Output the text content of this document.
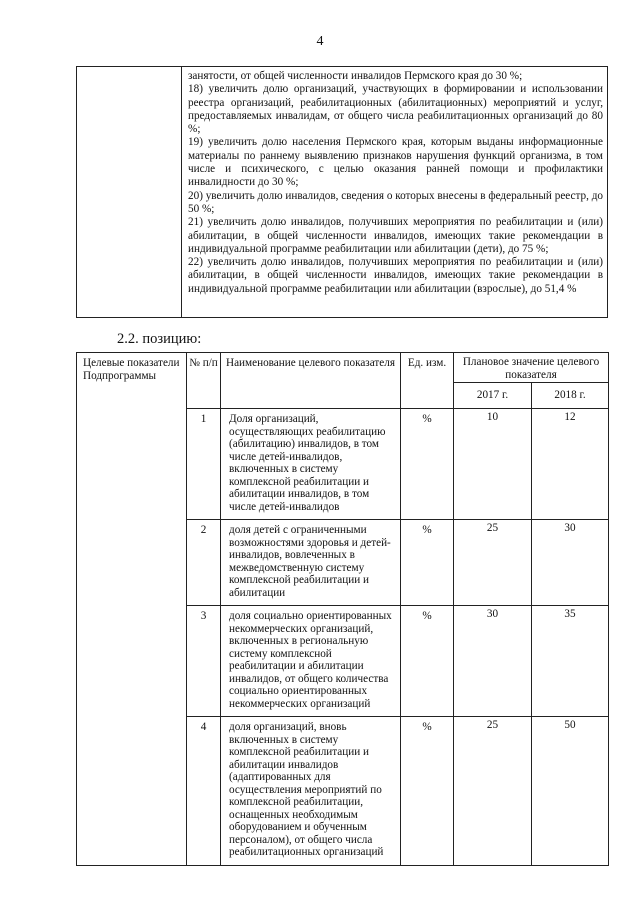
4

занятости, от общей численности инвалидов Пермского края до 30 %;

18) увеличить долю организаций, участвующих в формировании и использовании реестра организаций, реабилитационных (абилитационных) мероприятий и услуг, предоставляемых инвалидам, от общего числа реабилитационных организаций до 80 %;

19) увеличить долю населения Пермского края, которым выданы информационные материалы по раннему выявлению признаков нарушения функций организма, в том числе и психического, с целью оказания ранней помощи и профилактики инвалидности до 30 %;

20) увеличить долю инвалидов, сведения о которых внесены в федеральный реестр, до 50 %;

21) увеличить долю инвалидов, получивших мероприятия по реабилитации и (или) абилитации, в общей численности инвалидов, имеющих такие рекомендации в индивидуальной программе реабилитации или абилитации (дети), до 75 %;

22) увеличить долю инвалидов, получивших мероприятия по реабилитации и (или) абилитации, в общей численности инвалидов, имеющих такие рекомендации в индивидуальной программе реабилитации или абилитации (взрослые), до 51,4 %

2.2. позицию:
Целевые показатели Подпрограммы	№ п/п	Наименование целевого показателя	Ед. изм.	Плановое значение целевого показателя	
				2017 г.	2018 г.
	1	Доля организаций, осуществляющих реабилитацию (абилитацию) инвалидов, в том числе детей-инвалидов, включенных в систему комплексной реабилитации и абилитации инвалидов, в том числе детей-инвалидов	%	10	12
	2	доля детей с ограниченными возможностями здоровья и детей-инвалидов, вовлеченных в межведомственную систему комплексной реабилитации и абилитации	%	25	30
	3	доля социально ориентированных некоммерческих организаций, включенных в региональную систему комплексной реабилитации и абилитации инвалидов, от общего количества социально ориентированных некоммерческих организаций	%	30	35
	4	доля организаций, вновь включенных в систему комплексной реабилитации и абилитации инвалидов (адаптированных для осуществления мероприятий по комплексной реабилитации, оснащенных необходимым оборудованием и обученным персоналом), от общего числа реабилитационных организаций	%	25	50
